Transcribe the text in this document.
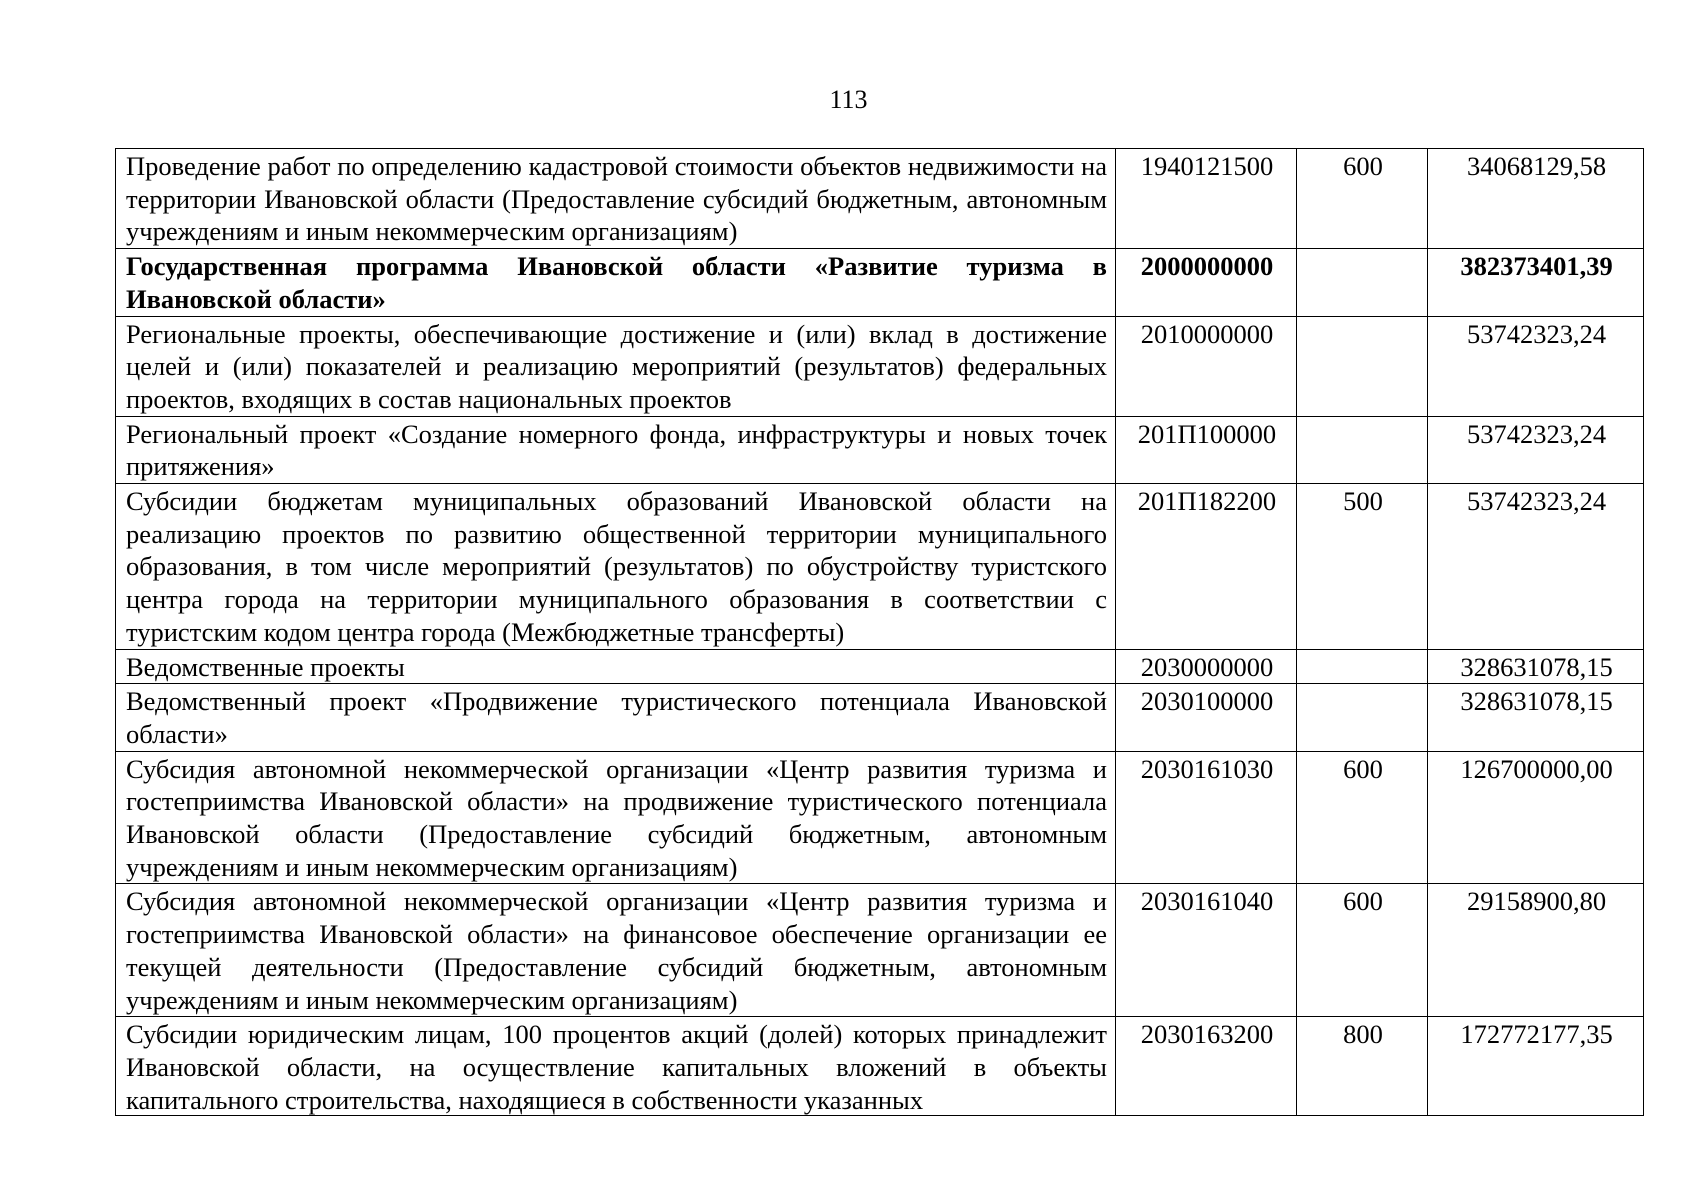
113
Проведение работ по определению кадастровой стоимости объектов недвижимости на территории Ивановской области (Предоставление субсидий бюджетным, автономным учреждениям и иным некоммерческим организациям)	1940121500	600	34068129,58
Государственная программа Ивановской области «Развитие туризма в Ивановской области»	2000000000		382373401,39
Региональные проекты, обеспечивающие достижение и (или) вклад в достижение целей и (или) показателей и реализацию мероприятий (результатов) федеральных проектов, входящих в состав национальных проектов	2010000000		53742323,24
Региональный проект «Создание номерного фонда, инфраструктуры и новых точек притяжения»	201П100000		53742323,24
Субсидии бюджетам муниципальных образований Ивановской области на реализацию проектов по развитию общественной территории муниципального образования, в том числе мероприятий (результатов) по обустройству туристского центра города на территории муниципального образования в соответствии с туристским кодом центра города (Межбюджетные трансферты)	201П182200	500	53742323,24
Ведомственные проекты	2030000000		328631078,15
Ведомственный проект «Продвижение туристического потенциала Ивановской области»	2030100000		328631078,15
Субсидия автономной некоммерческой организации «Центр развития туризма и гостеприимства Ивановской области» на продвижение туристического потенциала Ивановской области (Предоставление субсидий бюджетным, автономным учреждениям и иным некоммерческим организациям)	2030161030	600	126700000,00
Субсидия автономной некоммерческой организации «Центр развития туризма и гостеприимства Ивановской области» на финансовое обеспечение организации ее текущей деятельности (Предоставление субсидий бюджетным, автономным учреждениям и иным некоммерческим организациям)	2030161040	600	29158900,80

Субсидии юридическим лицам, 100 процентов акций (долей) которых принадлежит Ивановской области, на осуществление капитальных вложений в объекты капитального строительства, находящиеся в собственности указанных	2030163200	800	172772177,35
